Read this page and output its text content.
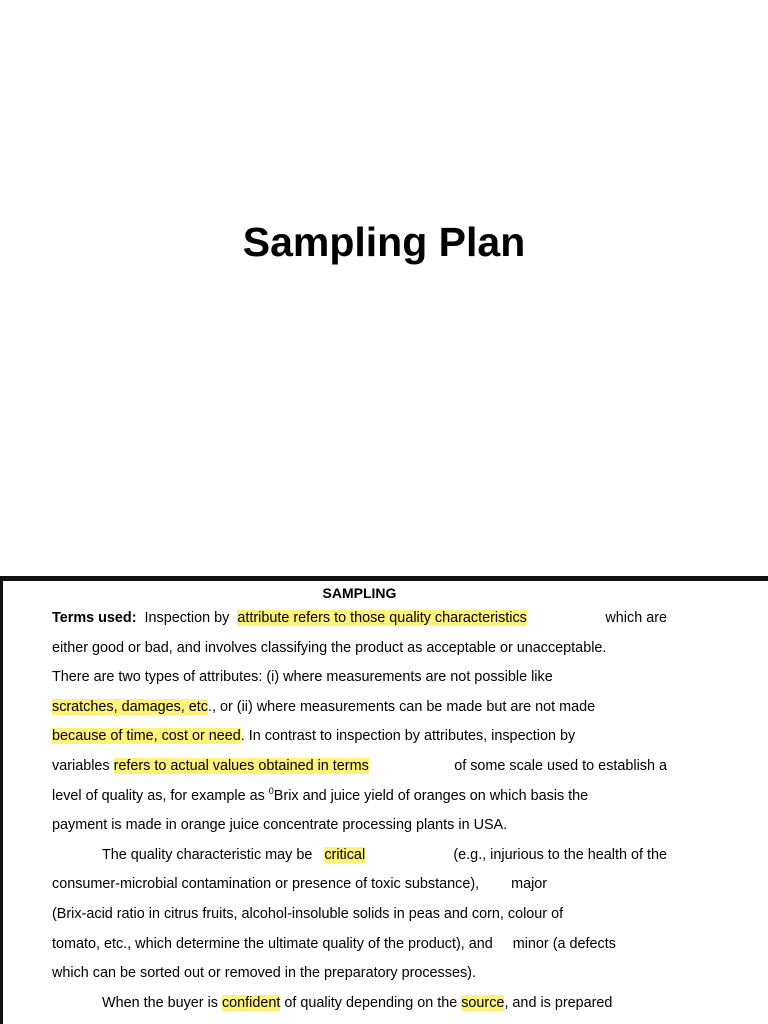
Sampling Plan
SAMPLING
Terms used: Inspection by attribute refers to those quality characteristics	which are
either good or bad, and involves classifying the product as acceptable or unacceptable.
There are two types of attributes: (i) where measurements are not possible like
scratches, damages, etc., or (ii) where measurements can be made but are not made
because of time, cost or need. In contrast to inspection by attributes, inspection by
variables refers to actual values obtained in terms	of some scale used to establish a
level of quality as, for example as $^0$Brix and juice yield of oranges on which basis the
payment is made in orange juice concentrate processing plants in USA.
The quality characteristic may be critical	(e.g., injurious to the health of the
consumer-microbial contamination or presence of toxic substance),        major
(Brix-acid ratio in citrus fruits, alcohol-insoluble solids in peas and corn, colour of
tomato, etc., which determine the ultimate quality of the product), and     minor (a defects
which can be sorted out or removed in the preparatory processes).
When the buyer is confident of quality depending on the source, and is prepared
